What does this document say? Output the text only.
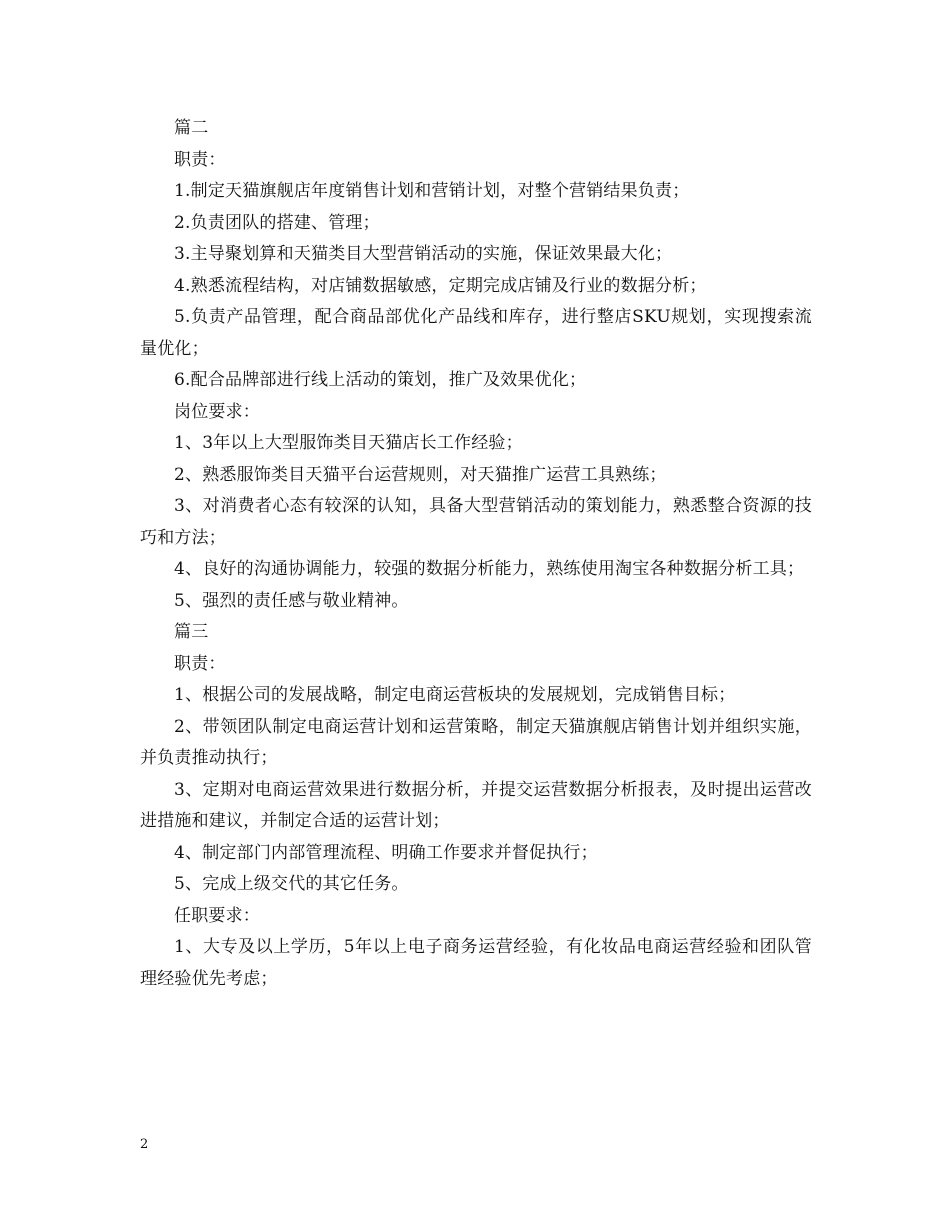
篇二

职责：

1.制定天猫旗舰店年度销售计划和营销计划，对整个营销结果负责；

2.负责团队的搭建、管理；

3.主导聚划算和天猫类目大型营销活动的实施，保证效果最大化；

4.熟悉流程结构，对店铺数据敏感，定期完成店铺及行业的数据分析；

5.负责产品管理，配合商品部优化产品线和库存，进行整店SKU规划，实现搜索流量优化；

6.配合品牌部进行线上活动的策划，推广及效果优化；

岗位要求：

1、3年以上大型服饰类目天猫店长工作经验；

2、熟悉服饰类目天猫平台运营规则，对天猫推广运营工具熟练；

3、对消费者心态有较深的认知，具备大型营销活动的策划能力，熟悉整合资源的技巧和方法；

4、良好的沟通协调能力，较强的数据分析能力，熟练使用淘宝各种数据分析工具；

5、强烈的责任感与敬业精神。

篇三

职责：

1、根据公司的发展战略，制定电商运营板块的发展规划，完成销售目标；

2、带领团队制定电商运营计划和运营策略，制定天猫旗舰店销售计划并组织实施，并负责推动执行；

3、定期对电商运营效果进行数据分析，并提交运营数据分析报表，及时提出运营改进措施和建议，并制定合适的运营计划；

4、制定部门内部管理流程、明确工作要求并督促执行；

5、完成上级交代的其它任务。

任职要求：

1、大专及以上学历，5年以上电子商务运营经验，有化妆品电商运营经验和团队管理经验优先考虑；

2
